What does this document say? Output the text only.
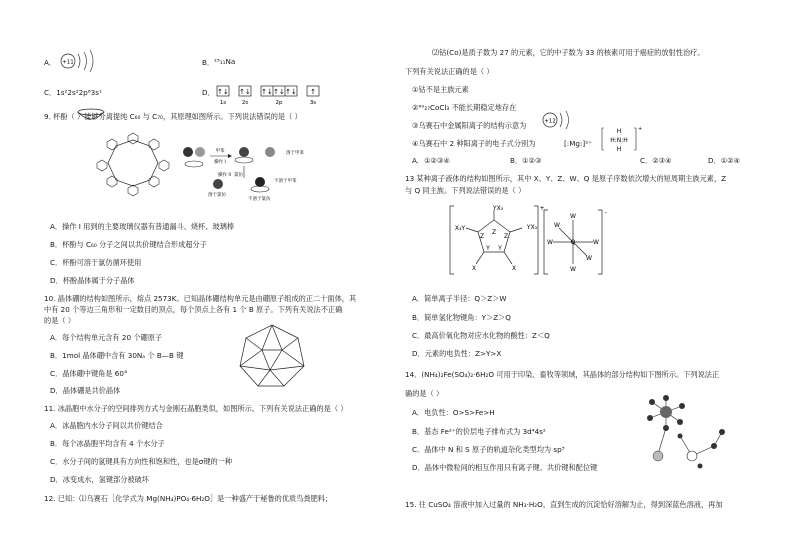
A． +11	B． ²³₁₁Na
C．1s²2s²2p⁶3s¹	D． ↑↓ ↑↓ ↑↓ ↑↓ ↑↓ ↑
1s	2s	2p	3s
9. 杯酚（ ）能够分离提纯 C₆₀ 与 C₇₀，其原理如图所示。下列说法错误的是（ ）
甲苯
操作 I
溶于甲苯
操作 II
溶于氯仿
不溶于甲苯
不溶于氯仿
氯仿
A．操作 I 用到的主要玻璃仪器有普通漏斗、烧杯、玻璃棒
B．杯酚与 C₆₀ 分子之间以共价键结合形成超分子
C．杯酚可溶于氯仿循环使用
D．杯酚晶体属于分子晶体
10. 晶体硼的结构如图所示，熔点 2573K。已知晶体硼结构单元是由硼原子组成的正二十面体，其
中有 20 个等边三角形和一定数目的顶点，每个顶点上各有 1 个 B 原子。下列有关说法不正确
的是（ ）
A．每个结构单元含有 20 个硼原子
B．1mol 晶体硼中含有 30Nₐ 个 B—B 键
C．晶体硼中键角是 60°
D．晶体硼是共价晶体
11. 冰晶胞中水分子的空间排列方式与金刚石晶胞类似，如图所示。下列有关说法正确的是（ ）
A．冰晶胞内水分子间以共价键结合
B．每个冰晶胞平均含有 4 个水分子
C．水分子间的氢键具有方向性和饱和性，也是σ键的一种
D．冰变成水，氢键部分被破坏
12. 已知：⑴乌赛石［化学式为 Mg(NH₄)PO₄·6H₂O］是一种盛产于秘鲁的优质鸟粪肥料；
⑵钴(Co)是质子数为 27 的元素，它的中子数为 33 的核素可用于癌症的放射性治疗。
下列有关说法正确的是（ ）
①钴不是主族元素
②⁶⁰₂₇CoCl₃ 不能长期稳定地存在
③乌赛石中金属阳离子的结构示意为	+12
④乌赛石中 2 种阳离子的电子式分别为	[:Mg:]²⁺
H
H:N:H
H
+
A．①②③④	B．①②③	C．②③④	D．①②④
13 某种离子液体的结构如图所示，其中 X、Y、Z、W、Q 是原子序数依次增大的短周期主族元素，Z
与 Q 同主族。下列说法错误的是（ ）
YX₃
YX₃
X₃Y
Z
Z
Z
Y Y
X
X
+
Q
W
W
W	W
W
W
-
A．简单离子半径：Q＞Z＞W
B．简单氢化物键角：Y＞Z＞Q
C．最高价氧化物对应水化物的酸性：Z＜Q
D．元素的电负性：Z>Y>X
14．(NH₄)₂Fe(SO₄)₂·6H₂O 可用于印染、畜牧等领域，其晶体的部分结构如下图所示。下列说法正
确的是（ ）
A．电负性：O>S>Fe>H
B．基态 Fe²⁺的价层电子排布式为 3d⁴4s²
C．晶体中 N 和 S 原子的轨道杂化类型均为 sp³
D．晶体中微粒间的相互作用只有离子键、共价键和配位键
15. 往 CuSO₄ 溶液中加入过量的 NH₃·H₂O，直到生成的沉淀恰好溶解为止，得到深蓝色溶液，再加
